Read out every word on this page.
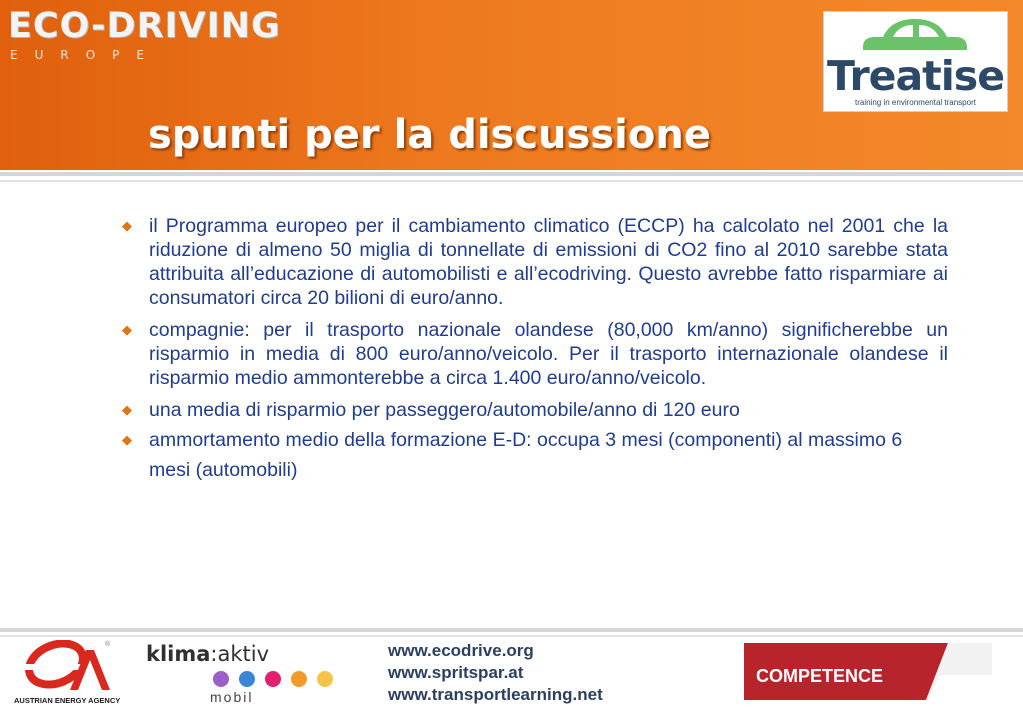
ECO-DRIVING
EUROPE
spunti per la discussione
Treatise
training in environmental transport
◆ il Programma europeo per il cambiamento climatico (ECCP) ha calcolato nel 2001 che la riduzione di almeno 50 miglia di tonnellate di emissioni di CO2 fino al 2010 sarebbe stata attribuita all’educazione di automobilisti e all’ecodriving. Questo avrebbe fatto risparmiare ai consumatori circa 20 bilioni di euro/anno.
◆ compagnie: per il trasporto nazionale olandese (80,000 km/anno) significherebbe un risparmio in media di 800 euro/anno/veicolo. Per il trasporto internazionale olandese il risparmio medio ammonterebbe a circa 1.400 euro/anno/veicolo.
◆ una media di risparmio per passeggero/automobile/anno di 120 euro
◆ ammortamento medio della formazione E-D: occupa 3 mesi (componenti) al massimo 6 mesi (automobili)
®
AUSTRIAN ENERGY AGENCY
klima:aktiv
mobil
www.ecodrive.org
www.spritspar.at
www.transportlearning.net
COMPETENCE
